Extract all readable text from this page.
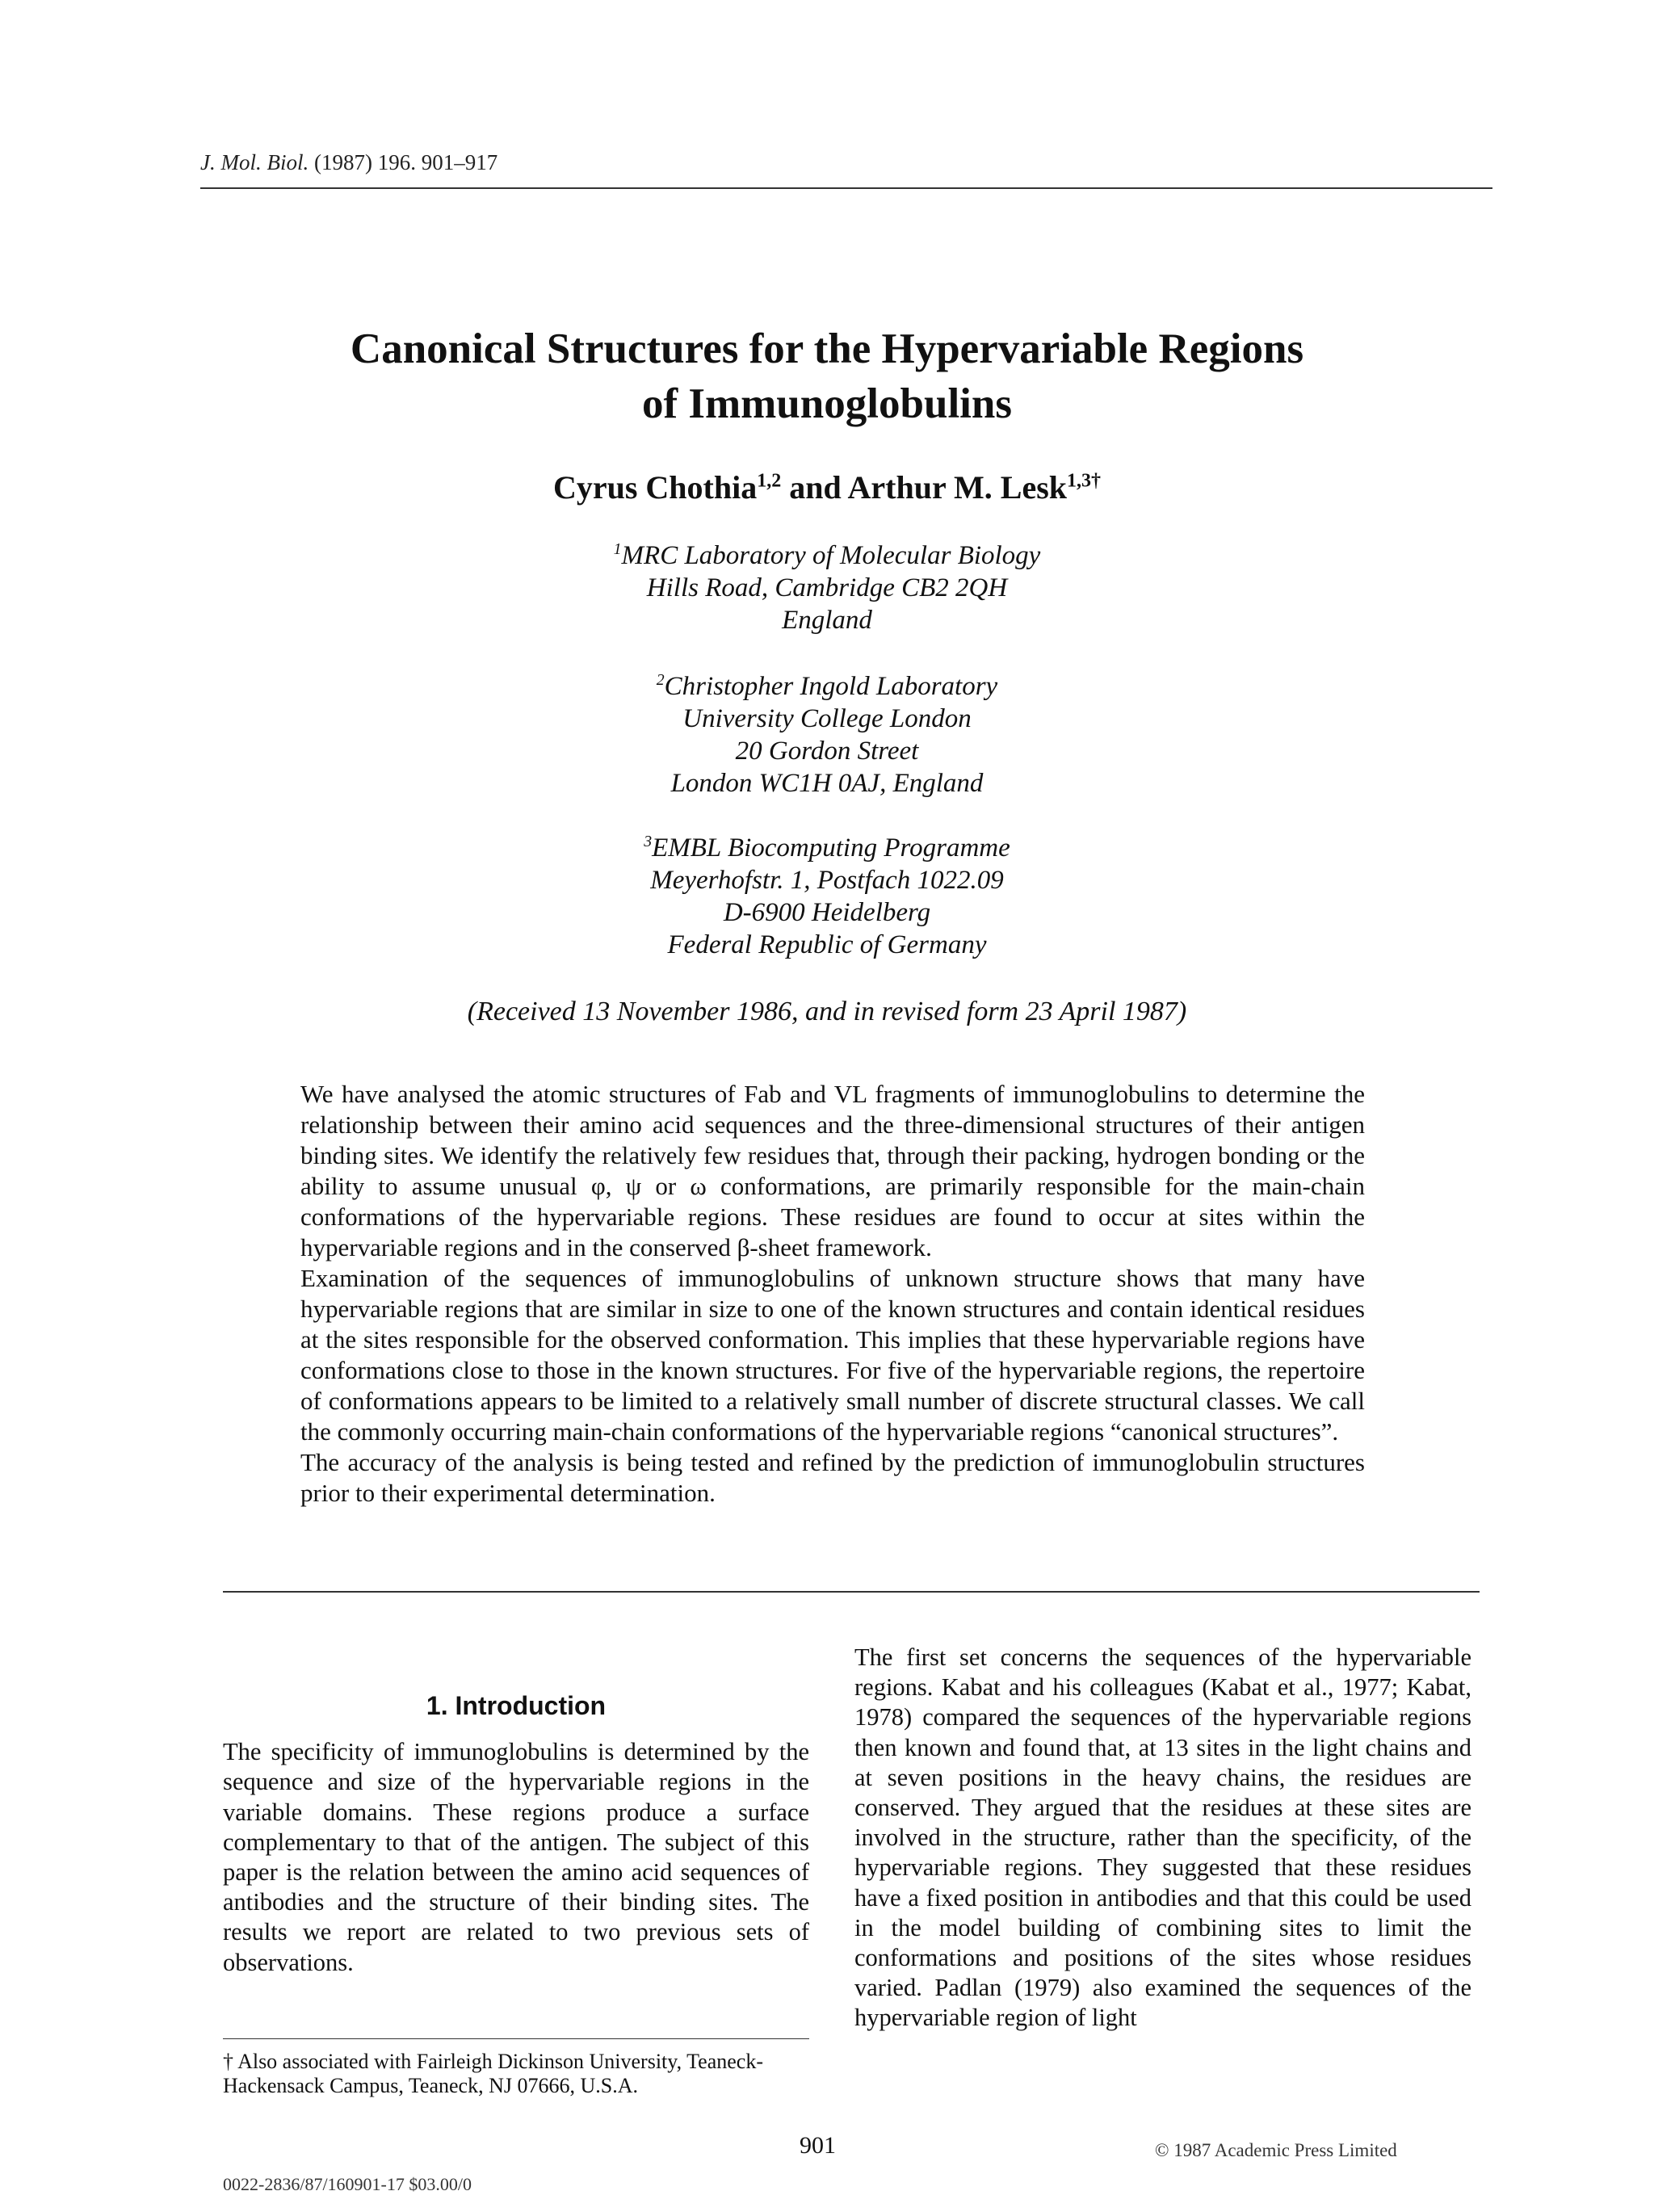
J. Mol. Biol. (1987) 196. 901–917
Canonical Structures for the Hypervariable Regions
of Immunoglobulins
Cyrus Chothia$^{1,2}$ and Arthur M. Lesk$^{1,3\dagger}$
$^1$MRC Laboratory of Molecular Biology
Hills Road, Cambridge CB2 2QH
England
$^2$Christopher Ingold Laboratory
University College London
20 Gordon Street
London WC1H 0AJ, England
$^3$EMBL Biocomputing Programme
Meyerhofstr. 1, Postfach 1022.09
D-6900 Heidelberg
Federal Republic of Germany
(Received 13 November 1986, and in revised form 23 April 1987)

We have analysed the atomic structures of Fab and VL fragments of immunoglobulins to determine the relationship between their amino acid sequences and the three-dimensional structures of their antigen binding sites. We identify the relatively few residues that, through their packing, hydrogen bonding or the ability to assume unusual φ, ψ or ω conformations, are primarily responsible for the main-chain conformations of the hypervariable regions. These residues are found to occur at sites within the hypervariable regions and in the conserved β-sheet framework.

Examination of the sequences of immunoglobulins of unknown structure shows that many have hypervariable regions that are similar in size to one of the known structures and contain identical residues at the sites responsible for the observed conformation. This implies that these hypervariable regions have conformations close to those in the known structures. For five of the hypervariable regions, the repertoire of conformations appears to be limited to a relatively small number of discrete structural classes. We call the commonly occurring main-chain conformations of the hypervariable regions “canonical structures”.

The accuracy of the analysis is being tested and refined by the prediction of immunoglobulin structures prior to their experimental determination.

1. Introduction

The specificity of immunoglobulins is determined by the sequence and size of the hypervariable regions in the variable domains. These regions produce a surface complementary to that of the antigen. The subject of this paper is the relation between the amino acid sequences of antibodies and the structure of their binding sites. The results we report are related to two previous sets of observations.

The first set concerns the sequences of the hypervariable regions. Kabat and his colleagues (Kabat et al., 1977; Kabat, 1978) compared the sequences of the hypervariable regions then known and found that, at 13 sites in the light chains and at seven positions in the heavy chains, the residues are conserved. They argued that the residues at these sites are involved in the structure, rather than the specificity, of the hypervariable regions. They suggested that these residues have a fixed position in antibodies and that this could be used in the model building of combining sites to limit the conformations and positions of the sites whose residues varied. Padlan (1979) also examined the sequences of the hypervariable region of light

† Also associated with Fairleigh Dickinson University, Teaneck-Hackensack Campus, Teaneck, NJ 07666, U.S.A.
901
0022-2836/87/160901-17 $03.00/0
© 1987 Academic Press Limited
